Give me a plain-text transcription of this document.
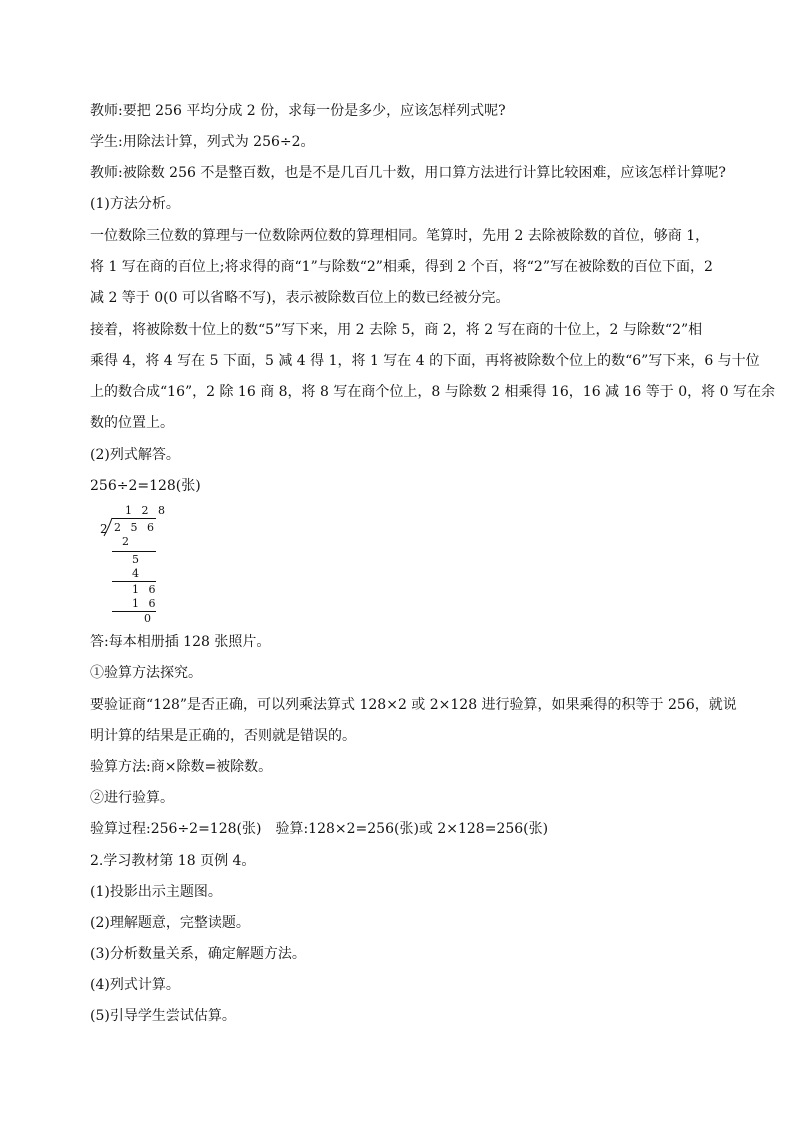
教师:要把 256 平均分成 2 份，求每一份是多少，应该怎样列式呢?

学生:用除法计算，列式为 256÷2。

教师:被除数 256 不是整百数，也是不是几百几十数，用口算方法进行计算比较困难，应该怎样计算呢?

(1)方法分析。

一位数除三位数的算理与一位数除两位数的算理相同。笔算时，先用 2 去除被除数的首位，够商 1，
将 1 写在商的百位上;将求得的商“1”与除数“2”相乘，得到 2 个百，将“2”写在被除数的百位下面，2
减 2 等于 0(0 可以省略不写)，表示被除数百位上的数已经被分完。
接着，将被除数十位上的数“5”写下来，用 2 去除 5，商 2，将 2 写在商的十位上，2 与除数“2”相
乘得 4，将 4 写在 5 下面，5 减 4 得 1，将 1 写在 4 的下面，再将被除数个位上的数“6”写下来，6 与十位
上的数合成“16”，2 除 16 商 8，将 8 写在商个位上，8 与除数 2 相乘得 16，16 减 16 等于 0，将 0 写在余
数的位置上。

(2)列式解答。

256÷2=128(张)

1 2 8
2 2 5 6
2
5
4
1 6
1 6
0

答:每本相册插 128 张照片。

①验算方法探究。

要验证商“128”是否正确，可以列乘法算式 128×2 或 2×128 进行验算，如果乘得的积等于 256，就说
明计算的结果是正确的，否则就是错误的。

验算方法:商×除数=被除数。

②进行验算。

验算过程:256÷2=128(张)　验算:128×2=256(张)或 2×128=256(张)

2.学习教材第 18 页例 4。

(1)投影出示主题图。

(2)理解题意，完整读题。

(3)分析数量关系，确定解题方法。

(4)列式计算。

(5)引导学生尝试估算。
